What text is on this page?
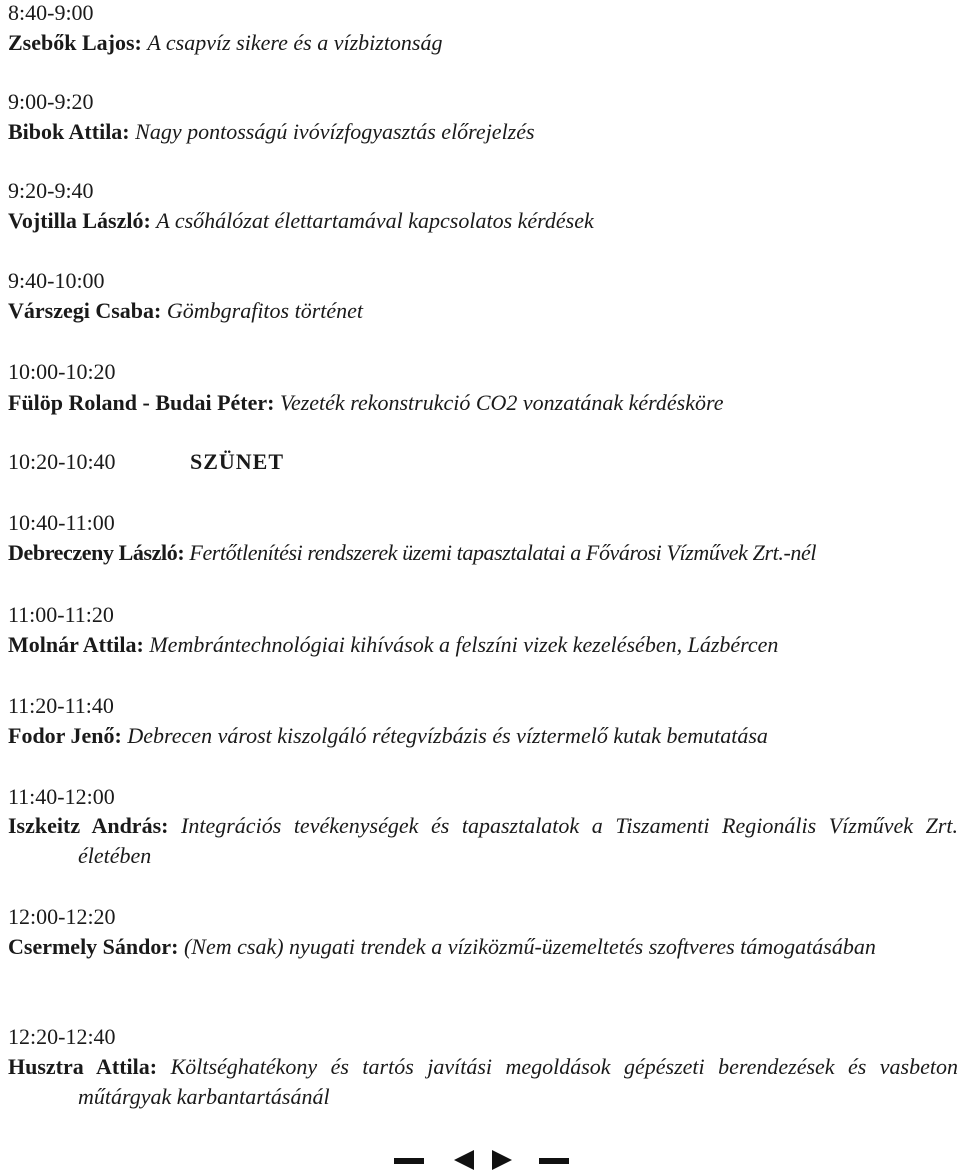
8:40-9:00
Zsebők Lajos: A csapvíz sikere és a vízbiztonság
9:00-9:20
Bibok Attila: Nagy pontosságú ivóvízfogyasztás előrejelzés
9:20-9:40
Vojtilla László: A csőhálózat élettartamával kapcsolatos kérdések
9:40-10:00
Várszegi Csaba: Gömbgrafitos történet
10:00-10:20
Fülöp Roland - Budai Péter: Vezeték rekonstrukció CO2 vonzatának kérdésköre
10:20-10:40	SZÜNET
10:40-11:00
Debreczeny László: Fertőtlenítési rendszerek üzemi tapasztalatai a Fővárosi Vízművek Zrt.-nél
11:00-11:20
Molnár Attila: Membrántechnológiai kihívások a felszíni vizek kezelésében, Lázbércen
11:20-11:40
Fodor Jenő: Debrecen várost kiszolgáló rétegvízbázis és víztermelő kutak bemutatása
11:40-12:00
Iszkeitz András: Integrációs tevékenységek és tapasztalatok a Tiszamenti Regionális Vízművek Zrt. életében
12:00-12:20
Csermely Sándor: (Nem csak) nyugati trendek a víziközmű-üzemeltetés szoftveres támogatásában
12:20-12:40
Husztra Attila: Költséghatékony és tartós javítási megoldások gépészeti berendezések és vasbeton műtárgyak karbantartásánál
